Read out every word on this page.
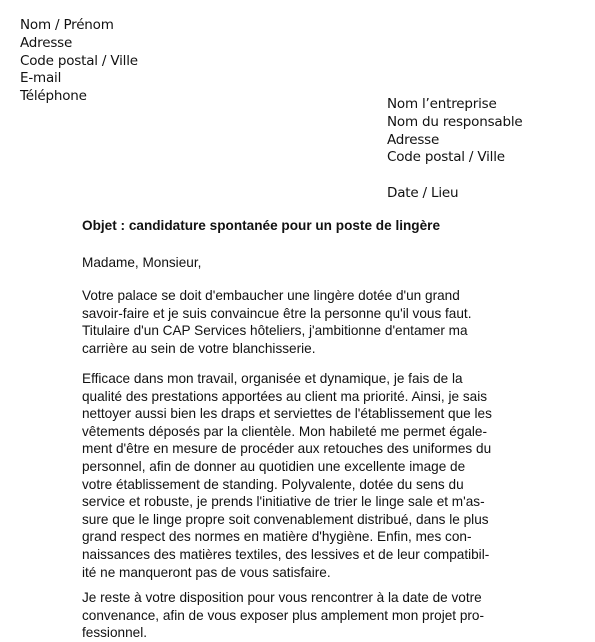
Nom / Prénom
Adresse
Code postal / Ville
E-mail
Téléphone	Nom l’entreprise
Nom du responsable
Adresse
Code postal / Ville
Date / Lieu
Objet : candidature spontanée pour un poste de lingère
Madame, Monsieur,
Votre palace se doit d'embaucher une lingère dotée d'un grand
savoir-faire et je suis convaincue être la personne qu'il vous faut.
Titulaire d'un CAP Services hôteliers, j'ambitionne d'entamer ma
carrière au sein de votre blanchisserie.
Efficace dans mon travail, organisée et dynamique, je fais de la
qualité des prestations apportées au client ma priorité. Ainsi, je sais
nettoyer aussi bien les draps et serviettes de l'établissement que les
vêtements déposés par la clientèle. Mon habileté me permet égale-
ment d'être en mesure de procéder aux retouches des uniformes du
personnel, afin de donner au quotidien une excellente image de
votre établissement de standing. Polyvalente, dotée du sens du
service et robuste, je prends l'initiative de trier le linge sale et m'as-
sure que le linge propre soit convenablement distribué, dans le plus
grand respect des normes en matière d'hygiène. Enfin, mes con-
naissances des matières textiles, des lessives et de leur compatibil-
ité ne manqueront pas de vous satisfaire.
Je reste à votre disposition pour vous rencontrer à la date de votre
convenance, afin de vous exposer plus amplement mon projet pro-
fessionnel.
